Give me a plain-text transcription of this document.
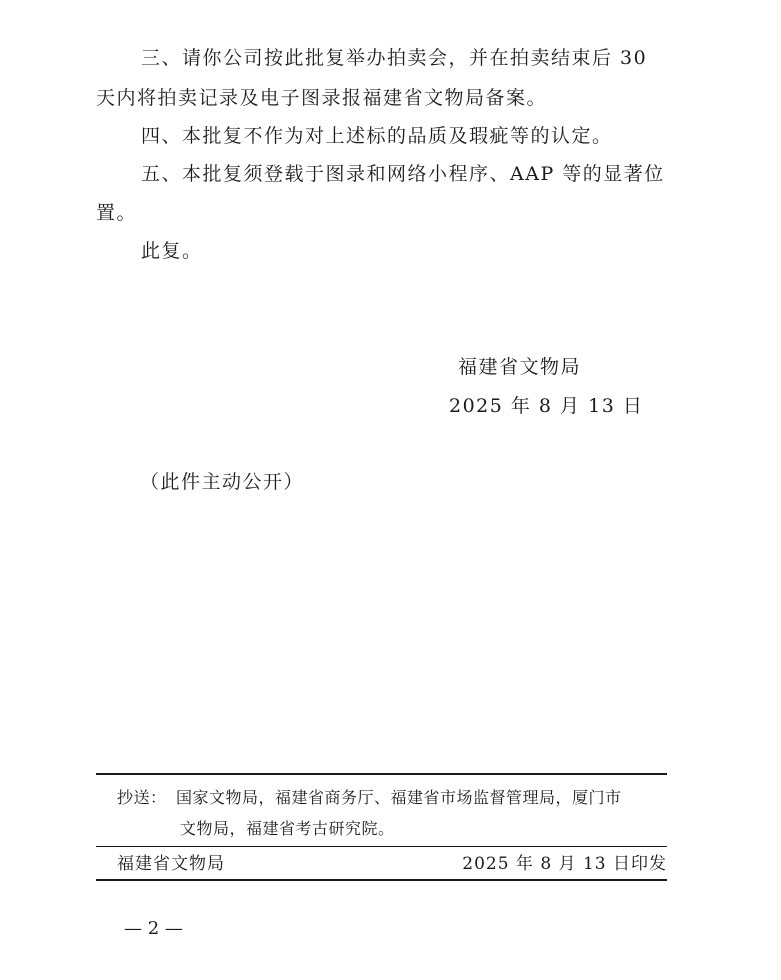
三、请你公司按此批复举办拍卖会，并在拍卖结束后 30
天内将拍卖记录及电子图录报福建省文物局备案。
四、本批复不作为对上述标的品质及瑕疵等的认定。
五、本批复须登载于图录和网络小程序、AAP 等的显著位
置。
此复。
福建省文物局
2025 年 8 月 13 日
（此件主动公开）
抄送： 国家文物局，福建省商务厅、福建省市场监督管理局，厦门市
文物局，福建省考古研究院。
福建省文物局	2025 年 8 月 13 日印发
— 2 —
